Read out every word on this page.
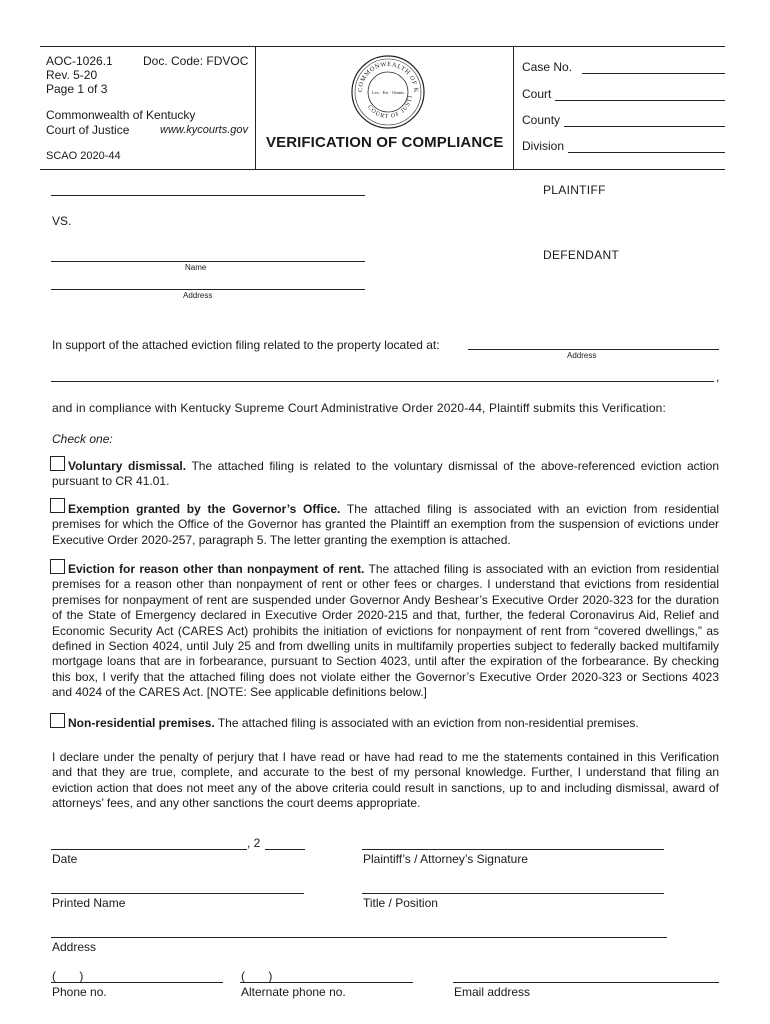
AOC-1026.1	Doc. Code: FDVOC
Rev. 5-20
Page 1 of 3
Commonwealth of Kentucky
Court of Justice	www.kycourts.gov
SCAO 2020-44
COMMONWEALTH OF K
COURT OF JUSTI
Lex · Est · Omnis
VERIFICATION OF COMPLIANCE
Case No.
Court
County
Division
PLAINTIFF
VS.
DEFENDANT
Name
Address
In support of the attached eviction filing related to the property located at:
Address
,
and in compliance with Kentucky Supreme Court Administrative Order 2020-44, Plaintiff submits this Verification:
Check one:
Voluntary dismissal. The attached filing is related to the voluntary dismissal of the above-referenced eviction action pursuant to CR 41.01.
Exemption granted by the Governor’s Office. The attached filing is associated with an eviction from residential premises for which the Office of the Governor has granted the Plaintiff an exemption from the suspension of evictions under Executive Order 2020-257, paragraph 5. The letter granting the exemption is attached.
Eviction for reason other than nonpayment of rent. The attached filing is associated with an eviction from residential premises for a reason other than nonpayment of rent or other fees or charges. I understand that evictions from residential premises for nonpayment of rent are suspended under Governor Andy Beshear’s Executive Order 2020-323 for the duration of the State of Emergency declared in Executive Order 2020-215 and that, further, the federal Coronavirus Aid, Relief and Economic Security Act (CARES Act) prohibits the initiation of evictions for nonpayment of rent from “covered dwellings,” as defined in Section 4024, until July 25 and from dwelling units in multifamily properties subject to federally backed multifamily mortgage loans that are in forbearance, pursuant to Section 4023, until after the expiration of the forbearance. By checking this box, I verify that the attached filing does not violate either the Governor’s Executive Order 2020-323 or Sections 4023 and 4024 of the CARES Act. [NOTE: See applicable definitions below.]
Non-residential premises. The attached filing is associated with an eviction from non-residential premises.
I declare under the penalty of perjury that I have read or have had read to me the statements contained in this Verification and that they are true, complete, and accurate to the best of my personal knowledge. Further, I understand that filing an eviction action that does not meet any of the above criteria could result in sanctions, up to and including dismissal, award of attorneys’ fees, and any other sanctions the court deems appropriate.
, 2
Date	Plaintiff’s / Attorney’s Signature
Printed Name	Title / Position
Address
(       )
Phone no.
(       )
Alternate phone no.	Email address
